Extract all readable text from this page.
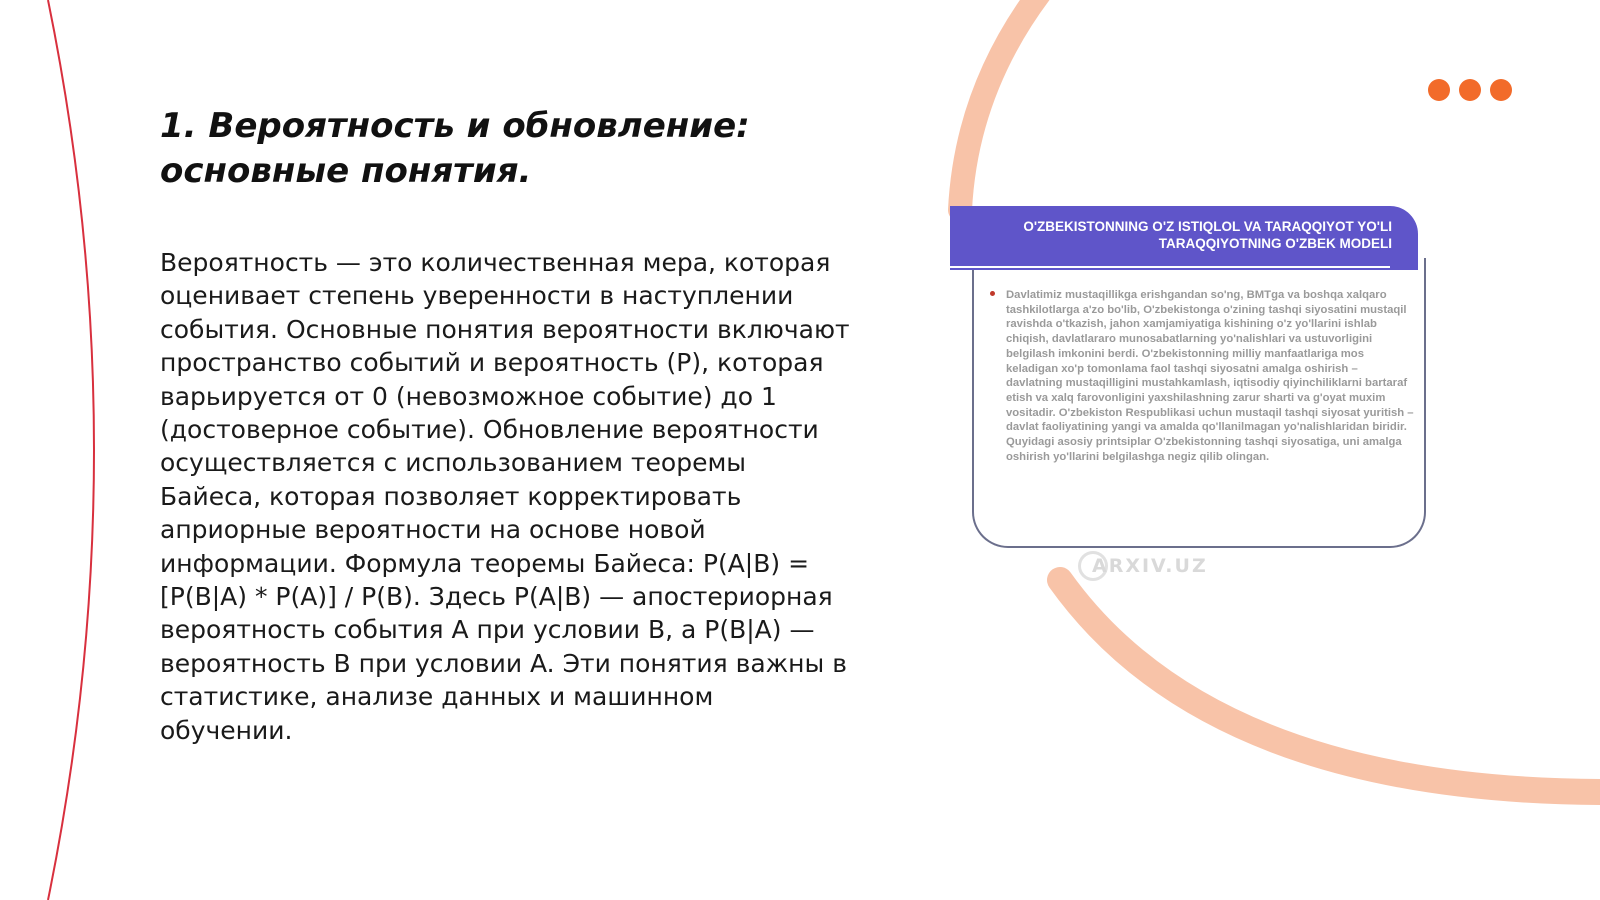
1. Вероятность и обновление: основные понятия.

Вероятность — это количественная мера, которая оценивает степень уверенности в наступлении события. Основные понятия вероятности включают пространство событий и вероятность (P), которая варьируется от 0 (невозможное событие) до 1 (достоверное событие). Обновление вероятности осуществляется с использованием теоремы Байеса, которая позволяет корректировать априорные вероятности на основе новой информации. Формула теоремы Байеса: P(A|B) = [P(B|A) * P(A)] / P(B). Здесь P(A|B) — апостериорная вероятность события A при условии B, а P(B|A) — вероятность B при условии A. Эти понятия важны в статистике, анализе данных и машинном обучении.

O'ZBEKISTONNING O'Z ISTIQLOL VA TARAQQIYOT YO'LI
TARAQQIYOTNING O'ZBEK MODELI

Davlatimiz mustaqillikga erishgandan so'ng, BMTga va boshqa xalqaro tashkilotlarga a'zo bo'lib, O'zbekistonga o'zining tashqi siyosatini mustaqil ravishda o'tkazish, jahon xamjamiyatiga kishining o'z yo'llarini ishlab chiqish, davlatlararo munosabatlarning yo'nalishlari va ustuvorligini belgilash imkonini berdi. O'zbekistonning milliy manfaatlariga mos keladigan xo'p tomonlama faol tashqi siyosatni amalga oshirish – davlatning mustaqilligini mustahkamlash, iqtisodiy qiyinchiliklarni bartaraf etish va xalq farovonligini yaxshilashning zarur sharti va g'oyat muxim vositadir. O'zbekiston Respublikasi uchun mustaqil tashqi siyosat yuritish – davlat faoliyatining yangi va amalda qo'llanilmagan yo'nalishlaridan biridir. Quyidagi asosiy printsiplar O'zbekistonning tashqi siyosatiga, uni amalga oshirish yo'llarini belgilashga negiz qilib olingan.

ARXIV.UZ
